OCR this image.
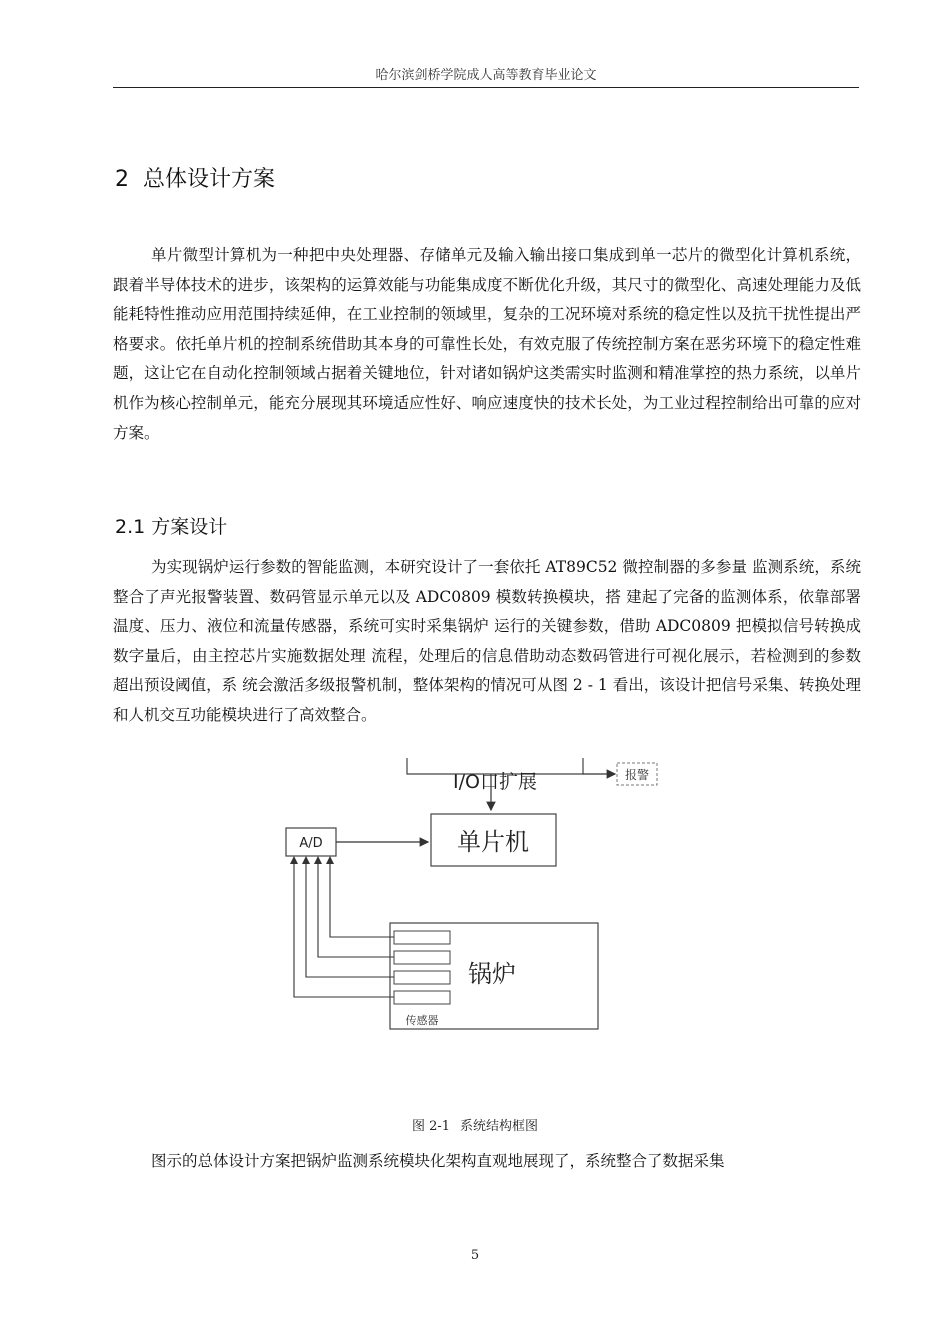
哈尔滨剑桥学院成人高等教育毕业论文
2 总体设计方案

单片微型计算机为一种把中央处理器、存储单元及输入输出接口集成到单一芯片的微型化计算机系统，跟着半导体技术的进步，该架构的运算效能与功能集成度不断优化升级，其尺寸的微型化、高速处理能力及低能耗特性推动应用范围持续延伸，在工业控制的领域里，复杂的工况环境对系统的稳定性以及抗干扰性提出严格要求。依托单片机的控制系统借助其本身的可靠性长处，有效克服了传统控制方案在恶劣环境下的稳定性难题，这让它在自动化控制领域占据着关键地位，针对诸如锅炉这类需实时监测和精准掌控的热力系统，以单片机作为核心控制单元，能充分展现其环境适应性好、响应速度快的技术长处，为工业过程控制给出可靠的应对方案。

2.1 方案设计

为实现锅炉运行参数的智能监测，本研究设计了一套依托 AT89C52 微控制器的多参量 监测系统，系统整合了声光报警装置、数码管显示单元以及 ADC0809 模数转换模块，搭 建起了完备的监测体系，依靠部署温度、压力、液位和流量传感器，系统可实时采集锅炉 运行的关键参数，借助 ADC0809 把模拟信号转换成数字量后，由主控芯片实施数据处理 流程，处理后的信息借助动态数码管进行可视化展示，若检测到的参数超出预设阈值，系 统会激活多级报警机制，整体架构的情况可从图 2 - 1 看出，该设计把信号采集、转换处理 和人机交互功能模块进行了高效整合。

I/O口扩展	报警
单片机
A/D
锅炉
传感器
图 2-1 系统结构框图

图示的总体设计方案把锅炉监测系统模块化架构直观地展现了，系统整合了数据采集

5
